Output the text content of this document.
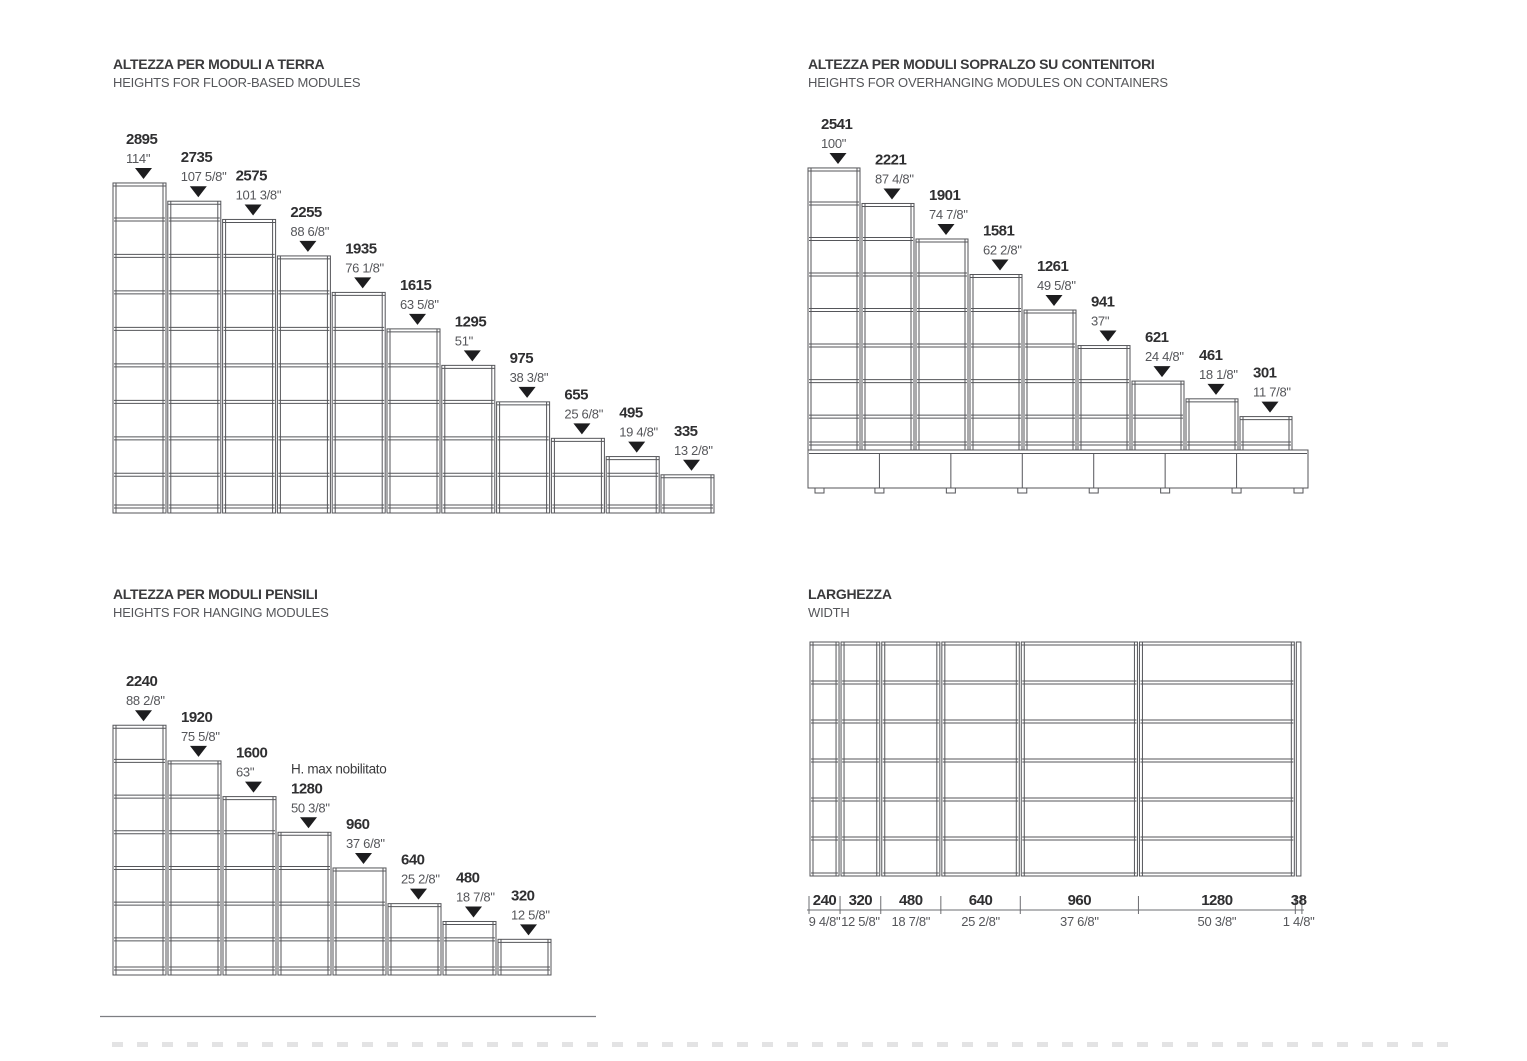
ALTEZZA PER MODULI A TERRA
HEIGHTS FOR FLOOR-BASED MODULES
ALTEZZA PER MODULI SOPRALZO SU CONTENITORI
HEIGHTS FOR OVERHANGING MODULES ON CONTAINERS
ALTEZZA PER MODULI PENSILI
HEIGHTS FOR HANGING MODULES
LARGHEZZA
WIDTH
2895
114" 2735
107 5/8" 2575
101 3/8"
2255
88 6/8"
1935
76 1/8"
1615
63 5/8"
1295
51"
975
38 3/8"
655
25 6/8" 495
19 4/8" 335
13 2/8"
2541
100"
2221
87 4/8"
1901
74 7/8"
1581
62 2/8"
1261
49 5/8"
941
37"
621
24 4/8" 461
18 1/8" 301
11 7/8"
2240
88 2/8"
1920
75 5/8"
1600
63"	H. max nobilitato
1280
50 3/8"
960
37 6/8"
640
25 2/8" 480
18 7/8" 320
12 5/8"
240
9 4/8"
320
12 5/8"
480
18 7/8"
640
25 2/8"
960
37 6/8"
1280
50 3/8"
38
1 4/8"
